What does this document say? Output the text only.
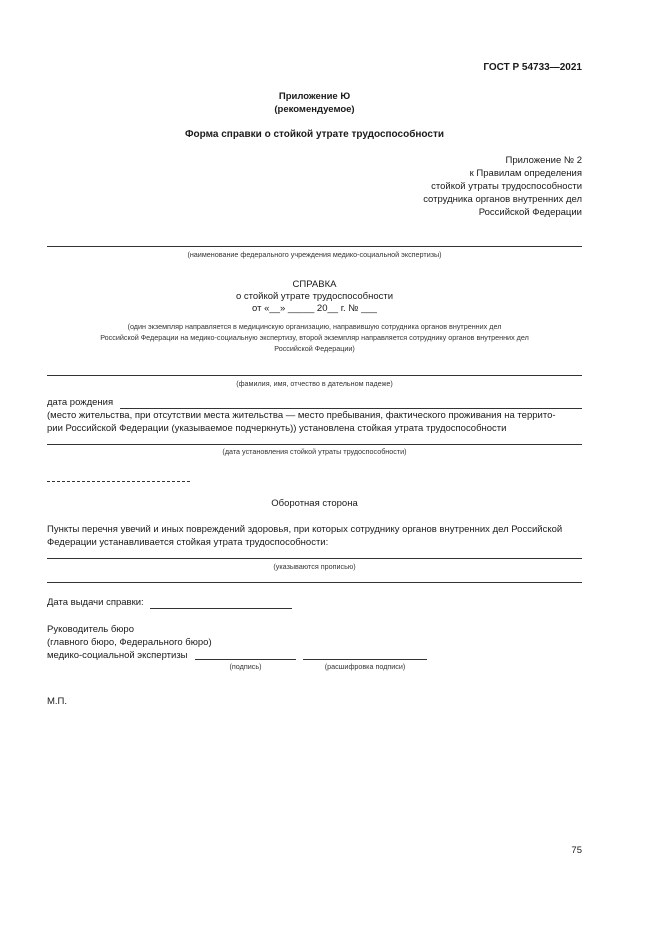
ГОСТ Р 54733—2021
Приложение Ю
(рекомендуемое)
Форма справки о стойкой утрате трудоспособности
Приложение № 2
к Правилам определения
стойкой утраты трудоспособности
сотрудника органов внутренних дел
Российской Федерации
(наименование федерального учреждения медико-социальной экспертизы)
СПРАВКА
о стойкой утрате трудоспособности
от «__» _____ 20__ г. № ___
(один экземпляр направляется в медицинскую организацию, направившую сотрудника органов внутренних дел
Российской Федерации на медико-социальную экспертизу, второй экземпляр направляется сотруднику органов внутренних дел
Российской Федерации)
(фамилия, имя, отчество в дательном падеже)
дата рождения
(место жительства, при отсутствии места жительства — место пребывания, фактического проживания на террито-
рии Российской Федерации (указываемое подчеркнуть)) установлена стойкая утрата трудоспособности
(дата установления стойкой утраты трудоспособности)
Оборотная сторона
Пункты перечня увечий и иных повреждений здоровья, при которых сотруднику органов внутренних дел Российской
Федерации устанавливается стойкая утрата трудоспособности:
(указываются прописью)
Дата выдачи справки:
Руководитель бюро
(главного бюро, Федерального бюро)
медико-социальной экспертизы
(подпись)	(расшифровка подписи)
М.П.
75
